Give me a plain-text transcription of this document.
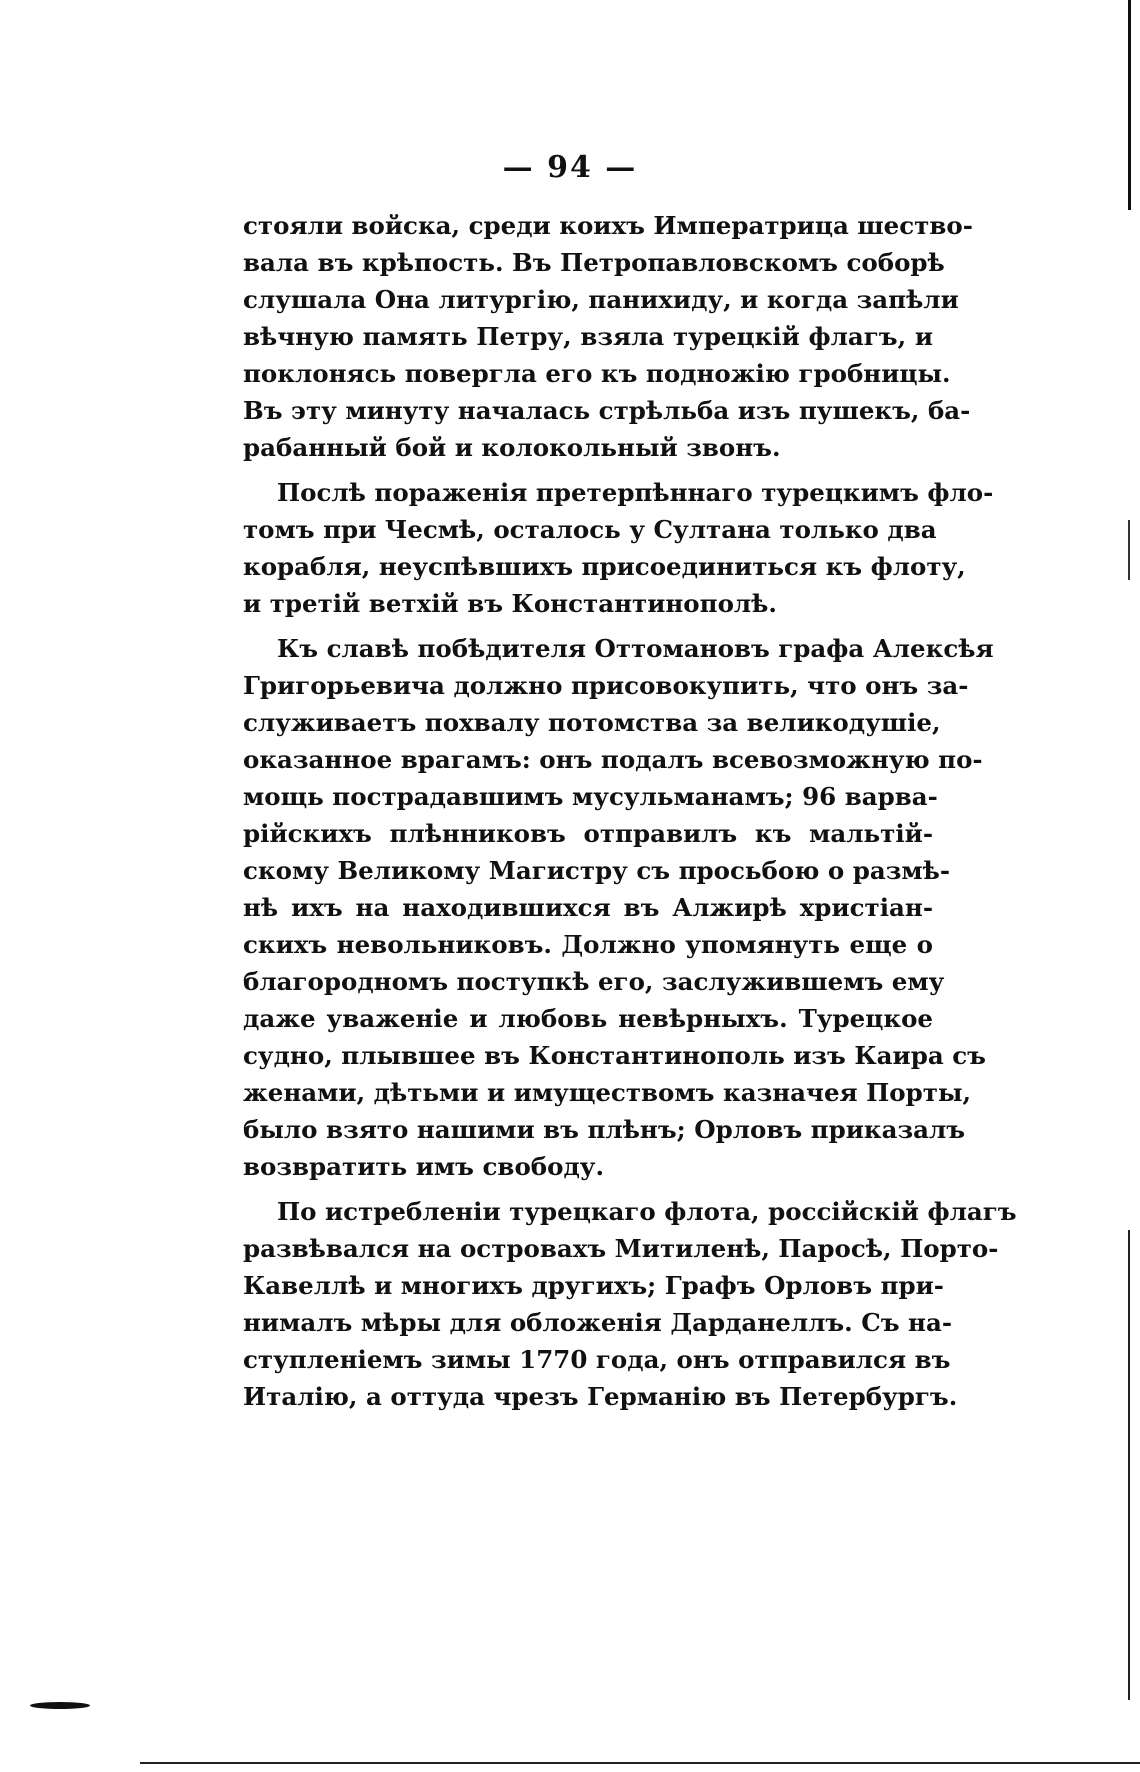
— 94 —
стояли войска, среди коихъ Императрица шество-
вала въ крѣпость. Въ Петропавловскомъ соборѣ
слушала Она литургію, панихиду, и когда запѣли
вѣчную память Петру, взяла турецкій флагъ, и
поклонясь повергла его къ подножію гробницы.
Въ эту минуту началась стрѣльба изъ пушекъ, ба-
рабанный бой и колокольный звонъ.
Послѣ пораженія претерпѣннаго турецкимъ фло-
томъ при Чесмѣ, осталось у Султана только два
корабля, неуспѣвшихъ присоединиться къ флоту,
и третій ветхій въ Константинополѣ.
Къ славѣ побѣдителя Оттомановъ графа Алексѣя
Григорьевича должно присовокупить, что онъ за-
служиваетъ похвалу потомства за великодушіе,
оказанное врагамъ: онъ подалъ всевозможную по-
мощь пострадавшимъ мусульманамъ; 96 варва-
рійскихъ плѣнниковъ отправилъ къ мальтій-
скому Великому Магистру съ просьбою о размѣ-
нѣ ихъ на находившихся въ Алжирѣ христіан-
скихъ невольниковъ. Должно упомянуть еще о
благородномъ поступкѣ его, заслужившемъ ему
даже уваженіе и любовь невѣрныхъ. Турецкое
судно, плывшее въ Константинополь изъ Каира съ
женами, дѣтьми и имуществомъ казначея Порты,
было взято нашими въ плѣнъ; Орловъ приказалъ
возвратить имъ свободу.
По истребленіи турецкаго флота, россійскій флагъ
развѣвался на островахъ Митиленѣ, Паросѣ, Порто-
Кавеллѣ и многихъ другихъ; Графъ Орловъ при-
нималъ мѣры для обложенія Дарданеллъ. Съ на-
ступленіемъ зимы 1770 года, онъ отправился въ
Италію, а оттуда чрезъ Германію въ Петербургъ.
